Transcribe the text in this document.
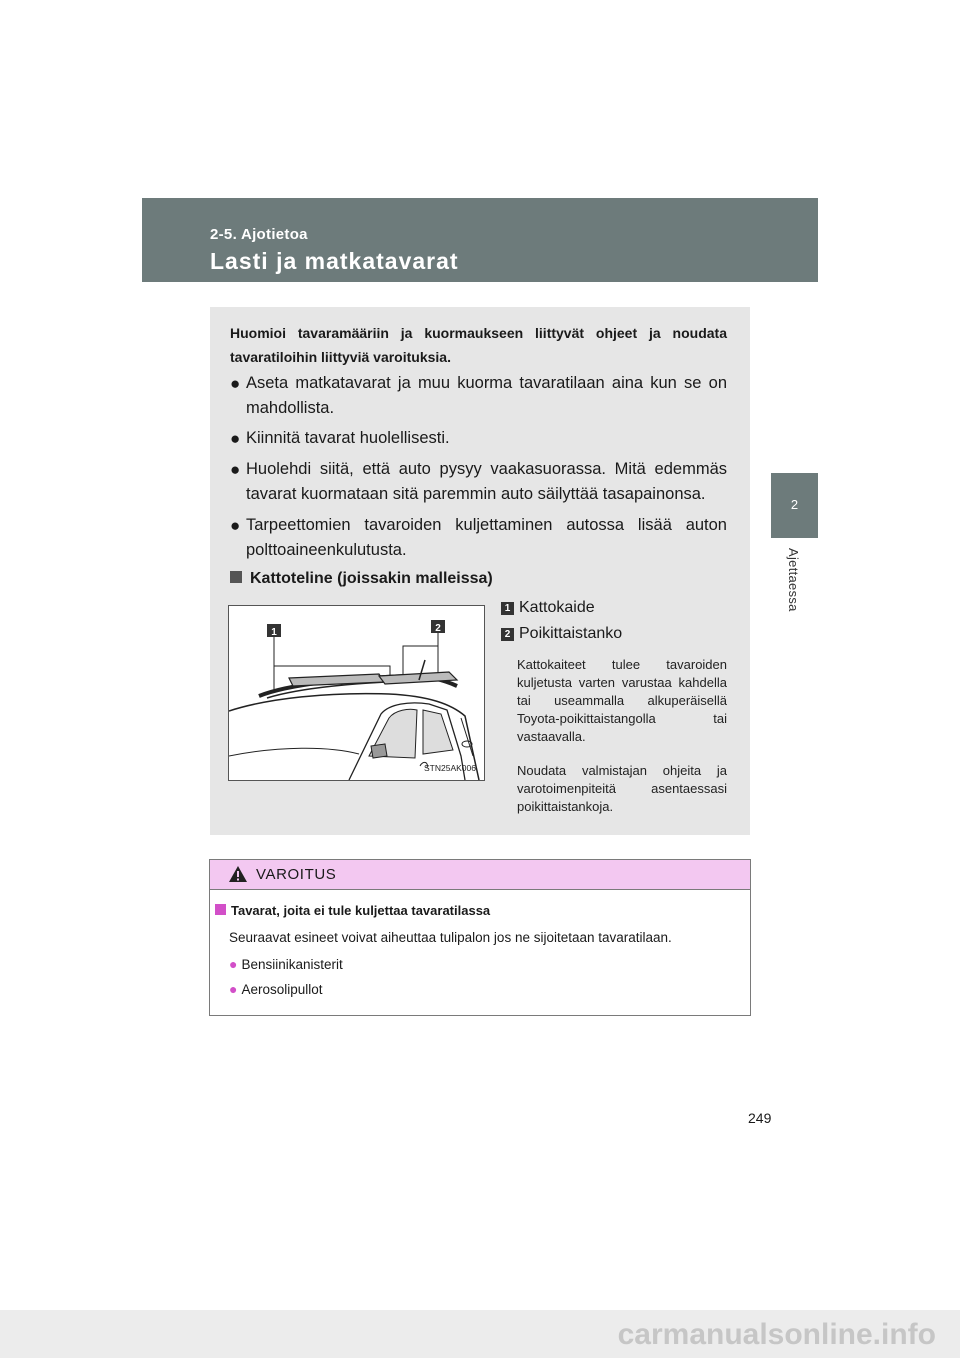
2-5. Ajotietoa
Lasti ja matkatavarat
2
Ajettaessa
Huomioi tavaramääriin ja kuormaukseen liittyvät ohjeet ja noudata tavaratiloihin liittyviä varoituksia.
● Aseta matkatavarat ja muu kuorma tavaratilaan aina kun se on mahdollista.
● Kiinnitä tavarat huolellisesti.
● Huolehdi siitä, että auto pysyy vaakasuorassa. Mitä edemmäs tavarat kuormataan sitä paremmin auto säilyttää tasapainonsa.
● Tarpeettomien tavaroiden kuljettaminen autossa lisää auton polttoaineenkulutusta.
Kattoteline (joissakin malleissa)
1	2
STN25AK006
1 Kattokaide
2 Poikittaistanko
Kattokaiteet tulee tavaroiden kuljetusta varten varustaa kahdella tai useammalla alkuperäisellä Toyota-poikittaistangolla tai vastaavalla.
Noudata valmistajan ohjeita ja varotoimenpiteitä asentaessasi poikittaistankoja.
VAROITUS
Tavarat, joita ei tule kuljettaa tavaratilassa
Seuraavat esineet voivat aiheuttaa tulipalon jos ne sijoitetaan tavaratilaan.
● Bensiinikanisterit
● Aerosolipullot
249
carmanualsonline.info
